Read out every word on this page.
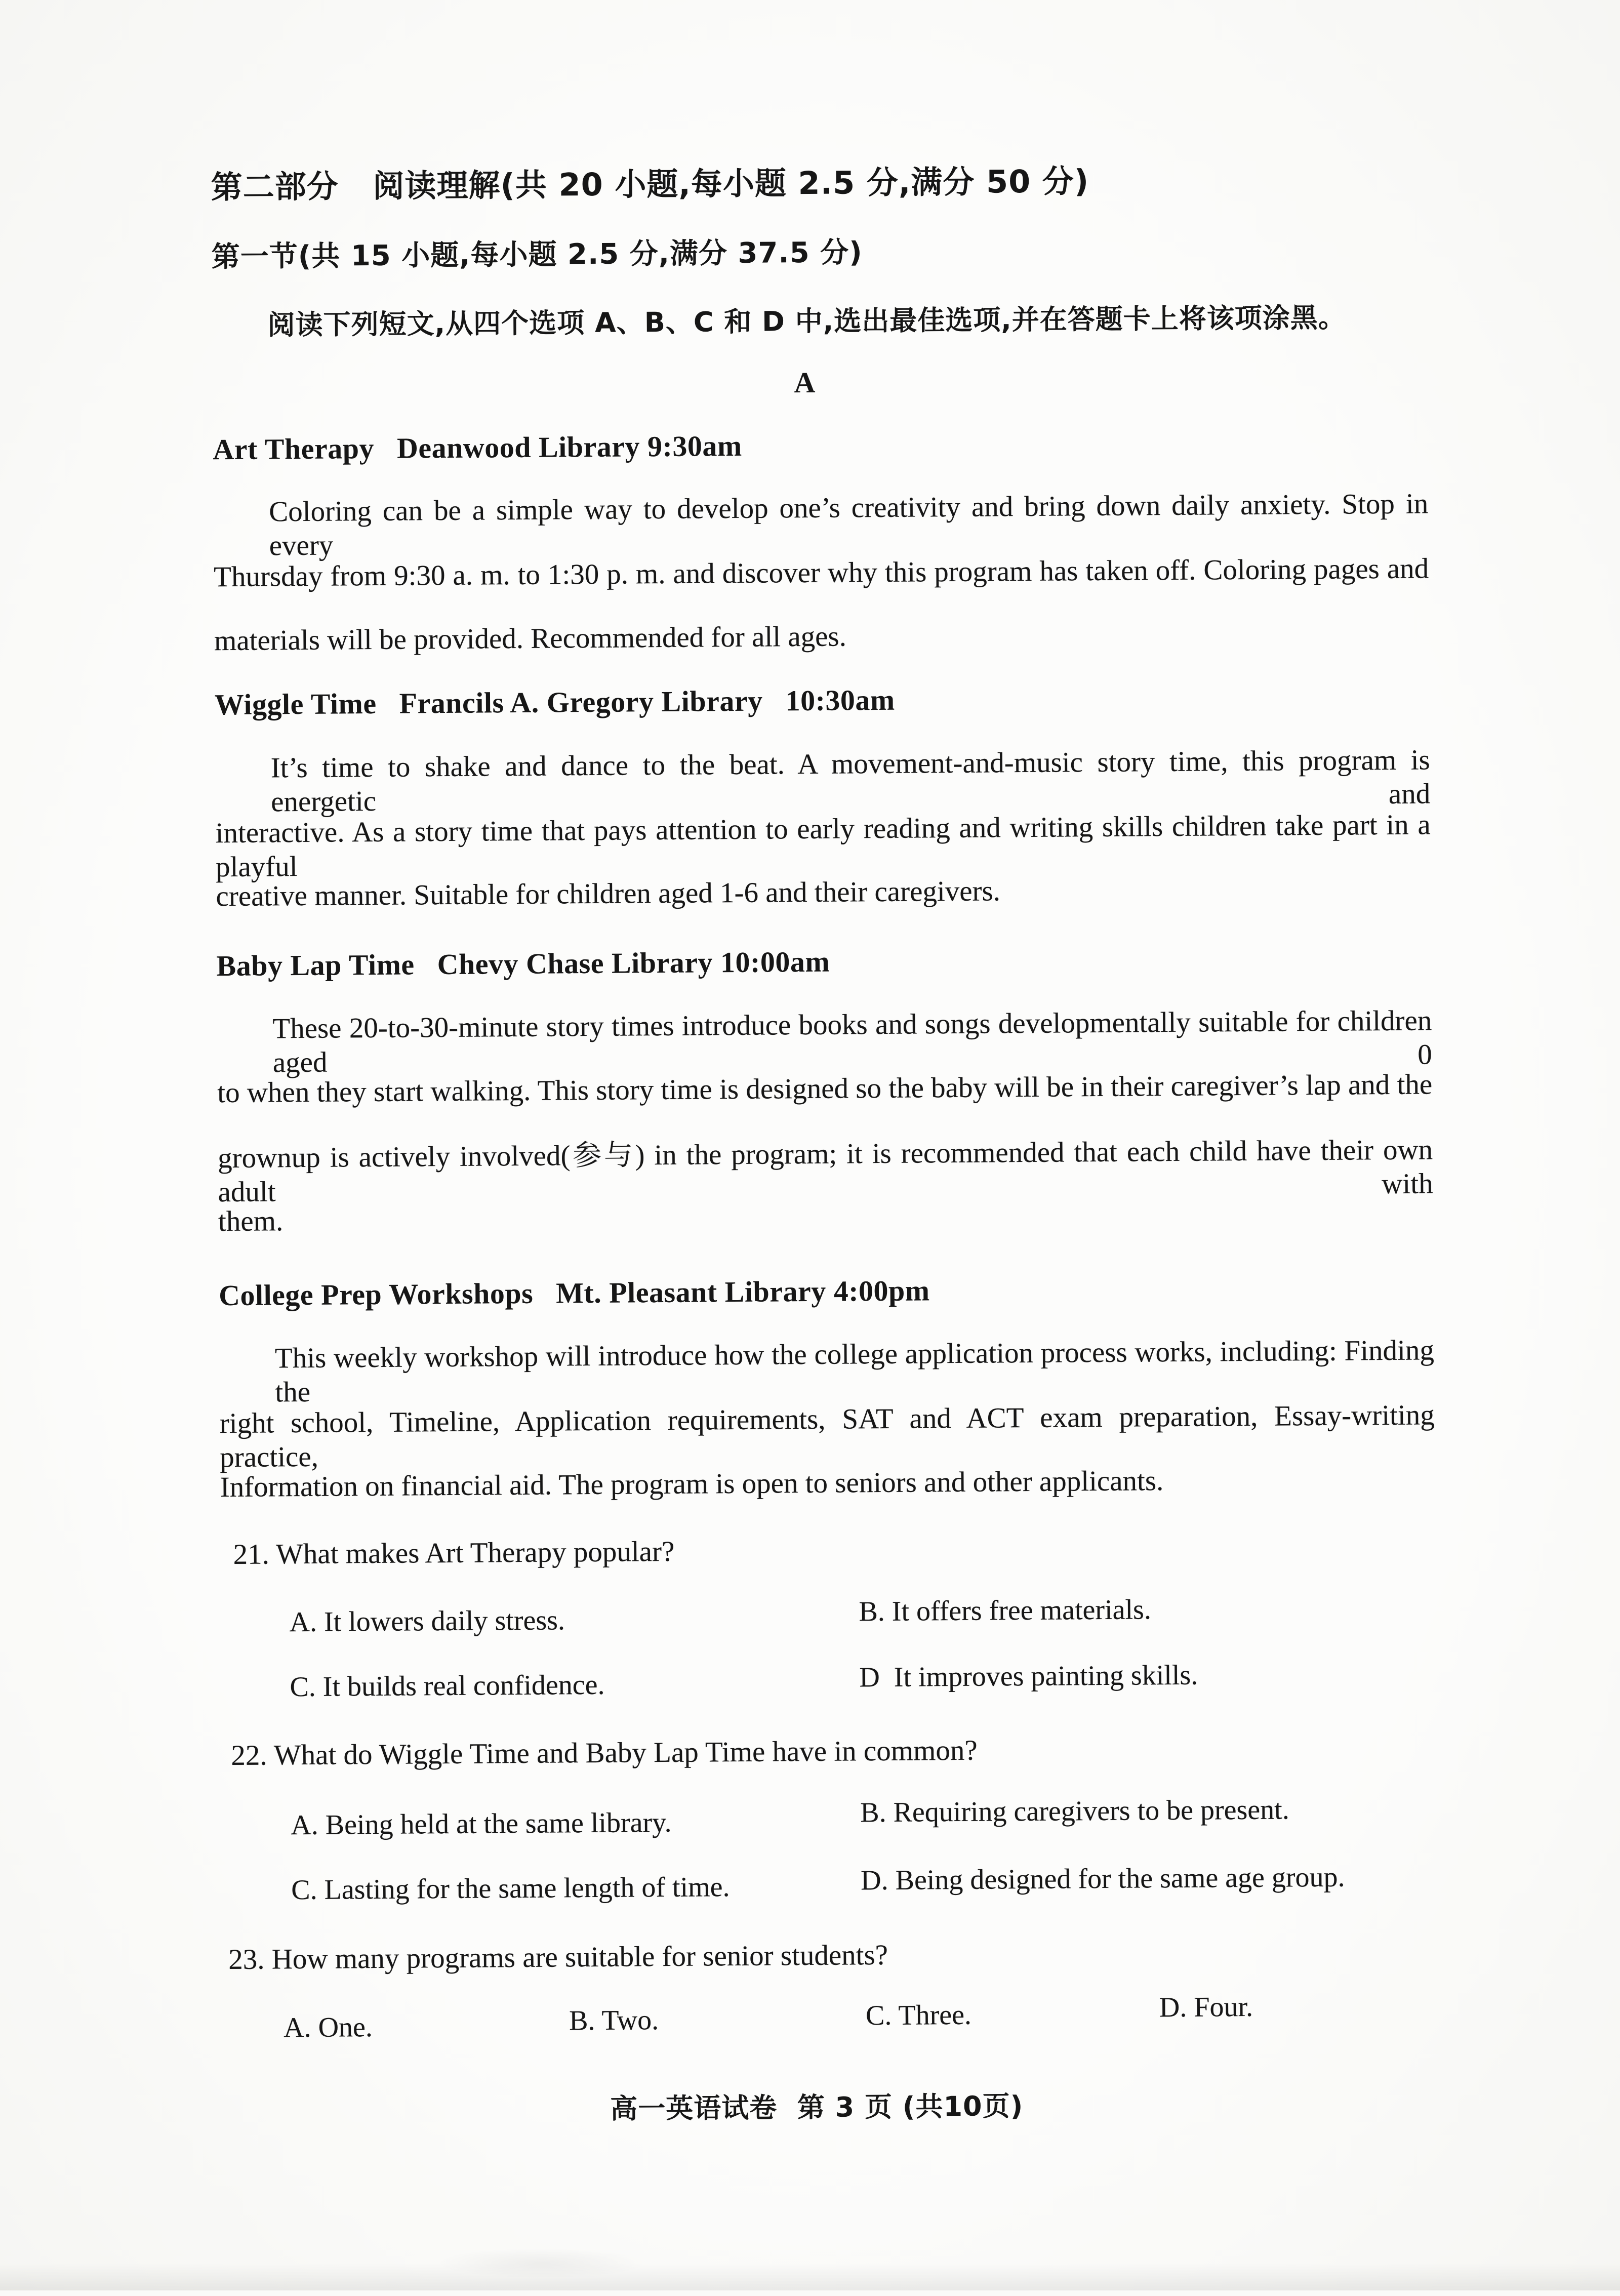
第二部分   阅读理解(共 20 小题,每小题 2.5 分,满分 50 分)
第一节(共 15 小题,每小题 2.5 分,满分 37.5 分)
阅读下列短文,从四个选项 A、B、C 和 D 中,选出最佳选项,并在答题卡上将该项涂黑。
A
Art Therapy   Deanwood Library 9:30am
Coloring can be a simple way to develop one’s creativity and bring down daily anxiety. Stop in every
Thursday from 9:30 a. m. to 1:30 p. m. and discover why this program has taken off. Coloring pages and
materials will be provided. Recommended for all ages.
Wiggle Time   Francils A. Gregory Library   10:30am
It’s time to shake and dance to the beat. A movement-and-music story time, this program is energetic and
interactive. As a story time that pays attention to early reading and writing skills children take part in a playful
creative manner. Suitable for children aged 1-6 and their caregivers.
Baby Lap Time   Chevy Chase Library 10:00am
These 20-to-30-minute story times introduce books and songs developmentally suitable for children aged 0
to when they start walking. This story time is designed so the baby will be in their caregiver’s lap and the
grownup is actively involved(参与) in the program; it is recommended that each child have their own adult with
them.
College Prep Workshops   Mt. Pleasant Library 4:00pm
This weekly workshop will introduce how the college application process works, including: Finding the
right school, Timeline, Application requirements, SAT and ACT exam preparation, Essay-writing practice,
Information on financial aid. The program is open to seniors and other applicants.
21. What makes Art Therapy popular?
A. It lowers daily stress.	B. It offers free materials.
C. It builds real confidence.	D  It improves painting skills.
22. What do Wiggle Time and Baby Lap Time have in common?
A. Being held at the same library.	B. Requiring caregivers to be present.
C. Lasting for the same length of time.	D. Being designed for the same age group.
23. How many programs are suitable for senior students?
A. One.	B. Two.	C. Three.	D. Four.
高一英语试卷  第 3 页 (共10页)
